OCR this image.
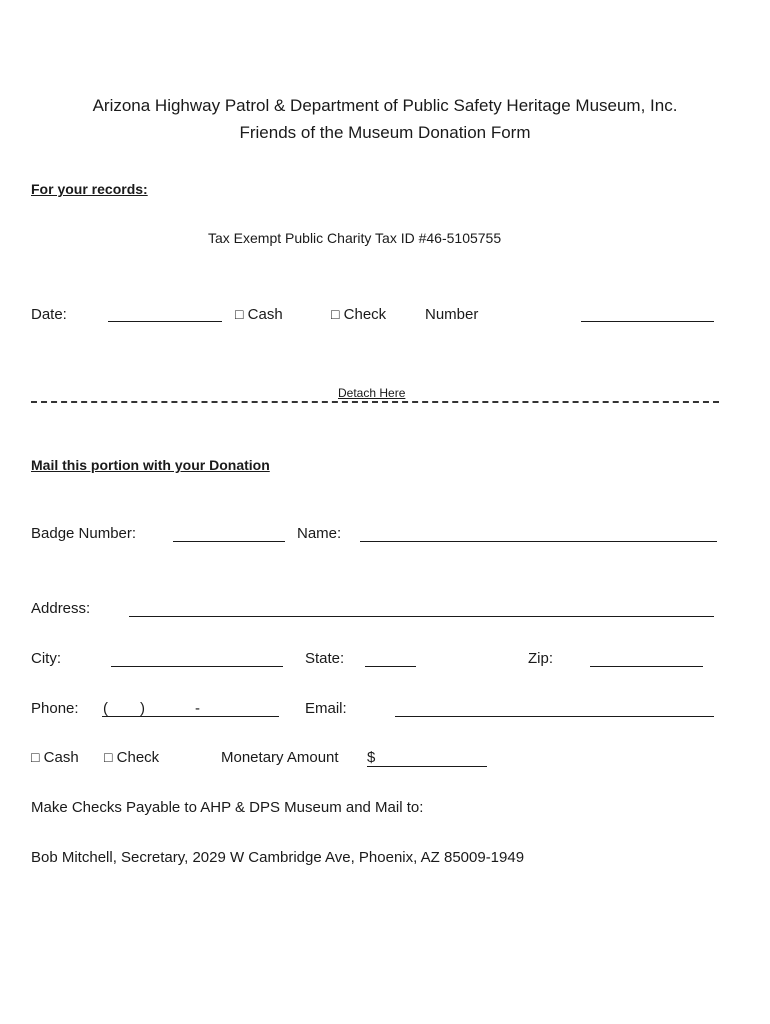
Arizona Highway Patrol & Department of Public Safety Heritage Museum, Inc.
Friends of the Museum Donation Form
For your records:
Tax Exempt Public Charity Tax ID #46-5105755
Date:	□ Cash	□ Check	Number
Detach Here
Mail this portion with your Donation
Badge Number:	Name:
Address:
City:	State:	Zip:
Phone: ( )	-	Email:
□ Cash □ Check	Monetary Amount $
Make Checks Payable to AHP & DPS Museum and Mail to:
Bob Mitchell, Secretary, 2029 W Cambridge Ave, Phoenix, AZ 85009-1949
